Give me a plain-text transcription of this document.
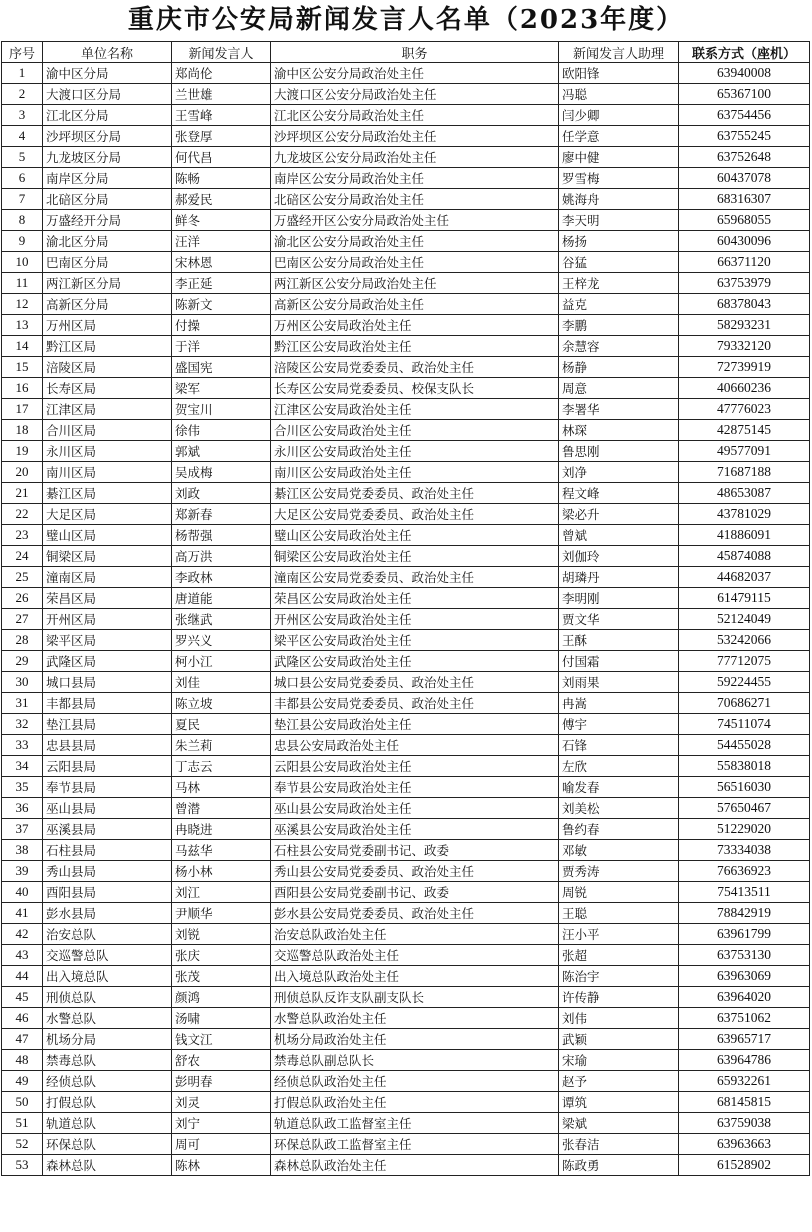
重庆市公安局新闻发言人名单（2023年度）
序号	单位名称	新闻发言人	职务	新闻发言人助理	联系方式（座机）
1	渝中区分局	郑尚伦	渝中区公安分局政治处主任	欧阳锋	63940008
2	大渡口区分局	兰世雄	大渡口区公安分局政治处主任	冯聪	65367100
3	江北区分局	王雪峰	江北区公安分局政治处主任	闫少卿	63754456
4	沙坪坝区分局	张登厚	沙坪坝区公安分局政治处主任	任学意	63755245
5	九龙坡区分局	何代昌	九龙坡区公安分局政治处主任	廖中健	63752648
6	南岸区分局	陈畅	南岸区公安分局政治处主任	罗雪梅	60437078
7	北碚区分局	郝爱民	北碚区公安分局政治处主任	姚海舟	68316307
8	万盛经开分局	鲜冬	万盛经开区公安分局政治处主任	李天明	65968055
9	渝北区分局	汪洋	渝北区公安分局政治处主任	杨扬	60430096
10	巴南区分局	宋林恩	巴南区公安分局政治处主任	谷猛	66371120
11	两江新区分局	李正延	两江新区公安分局政治处主任	王梓龙	63753979
12	高新区分局	陈新文	高新区公安分局政治处主任	益克	68378043
13	万州区局	付操	万州区公安局政治处主任	李鹏	58293231
14	黔江区局	于洋	黔江区公安局政治处主任	余慧容	79332120
15	涪陵区局	盛国宪	涪陵区公安局党委委员、政治处主任	杨静	72739919
16	长寿区局	梁军	长寿区公安局党委委员、校保支队长	周意	40660236
17	江津区局	贺宝川	江津区公安局政治处主任	李署华	47776023
18	合川区局	徐伟	合川区公安局政治处主任	林琛	42875145
19	永川区局	郭斌	永川区公安局政治处主任	鲁思刚	49577091
20	南川区局	吴成梅	南川区公安局政治处主任	刘净	71687188
21	綦江区局	刘政	綦江区公安局党委委员、政治处主任	程文峰	48653087
22	大足区局	郑新春	大足区公安局党委委员、政治处主任	梁必升	43781029
23	璧山区局	杨帮强	璧山区公安局政治处主任	曾斌	41886091
24	铜梁区局	高万洪	铜梁区公安局政治处主任	刘伽玲	45874088
25	潼南区局	李政林	潼南区公安局党委委员、政治处主任	胡璘丹	44682037
26	荣昌区局	唐道能	荣昌区公安局政治处主任	李明刚	61479115
27	开州区局	张继武	开州区公安局政治处主任	贾文华	52124049
28	梁平区局	罗兴义	梁平区公安局政治处主任	王酥	53242066
29	武隆区局	柯小江	武隆区公安局政治处主任	付国霜	77712075
30	城口县局	刘佳	城口县公安局党委委员、政治处主任	刘雨果	59224455
31	丰都县局	陈立坡	丰都县公安局党委委员、政治处主任	冉嵩	70686271
32	垫江县局	夏民	垫江县公安局政治处主任	傅宇	74511074
33	忠县县局	朱兰莉	忠县公安局政治处主任	石锋	54455028
34	云阳县局	丁志云	云阳县公安局政治处主任	左欣	55838018
35	奉节县局	马林	奉节县公安局政治处主任	喻发春	56516030
36	巫山县局	曾潜	巫山县公安局政治处主任	刘美松	57650467
37	巫溪县局	冉晓进	巫溪县公安局政治处主任	鲁约春	51229020
38	石柱县局	马兹华	石柱县公安局党委副书记、政委	邓敏	73334038
39	秀山县局	杨小林	秀山县公安局党委委员、政治处主任	贾秀涛	76636923
40	酉阳县局	刘江	酉阳县公安局党委副书记、政委	周锐	75413511
41	彭水县局	尹顺华	彭水县公安局党委委员、政治处主任	王聪	78842919
42	治安总队	刘锐	治安总队政治处主任	汪小平	63961799
43	交巡警总队	张庆	交巡警总队政治处主任	张超	63753130
44	出入境总队	张茂	出入境总队政治处主任	陈治宇	63963069
45	刑侦总队	颜鸿	刑侦总队反诈支队副支队长	许传静	63964020
46	水警总队	汤啸	水警总队政治处主任	刘伟	63751062
47	机场分局	钱文江	机场分局政治处主任	武颖	63965717
48	禁毒总队	舒农	禁毒总队副总队长	宋瑜	63964786
49	经侦总队	彭明春	经侦总队政治处主任	赵予	65932261
50	打假总队	刘灵	打假总队政治处主任	谭筑	68145815
51	轨道总队	刘宁	轨道总队政工监督室主任	梁斌	63759038
52	环保总队	周可	环保总队政工监督室主任	张春洁	63963663
53	森林总队	陈林	森林总队政治处主任	陈政勇	61528902
